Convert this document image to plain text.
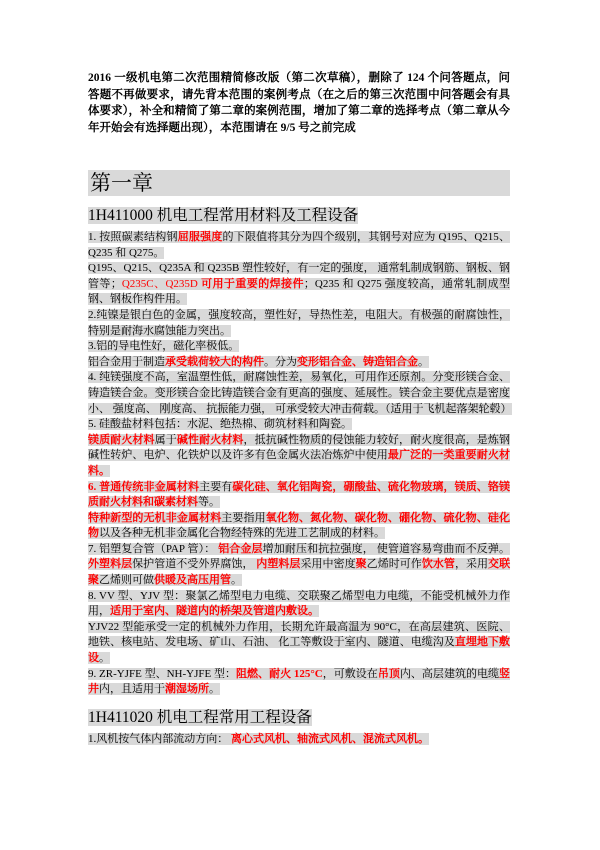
2016 一级机电第二次范围精简修改版（第二次草稿），删除了 124 个问答题点，问答题不再做要求，请先背本范围的案例考点（在之后的第三次范围中问答题会有具体要求），补全和精简了第二章的案例范围，增加了第二章的选择考点（第二章从今年开始会有选择题出现），本范围请在 9/5 号之前完成

第一章
1H411000 机电工程常用材料及工程设备

1. 按照碳素结构钢屈服强度的下限值将其分为四个级别，其钢号对应为 Q195、Q215、Q235 和 Q275。

Q195、Q215、Q235A 和 Q235B 塑性较好，有一定的强度， 通常轧制成钢筋、钢板、钢管等；Q235C、Q235D 可用于重要的焊接件；Q235 和 Q275 强度较高，通常轧制成型钢、钢板作构件用。

2.纯镍是银白色的金属，强度较高，塑性好，导热性差，电阻大。有极强的耐腐蚀性，特别是耐海水腐蚀能力突出。

3.铝的导电性好，磁化率极低。

铝合金用于制造承受载荷较大的构件。分为变形铝合金、铸造铝合金。

4. 纯镁强度不高，室温塑性低，耐腐蚀性差，易氧化，可用作还原剂。分变形镁合金、铸造镁合金。变形镁合金比铸造镁合金有更高的强度、延展性。镁合金主要优点是密度小、 强度高、 刚度高、 抗振能力强， 可承受较大冲击荷载。（适用于飞机起落架轮毂）

5. 硅酸盐材料包括：水泥、绝热棉、砌筑材料和陶瓷。

镁质耐火材料属于碱性耐火材料，抵抗碱性物质的侵蚀能力较好，耐火度很高，是炼钢碱性转炉、电炉、化铁炉以及许多有色金属火法冶炼炉中使用最广泛的一类重要耐火材料。

6. 普通传统非金属材料主要有碳化硅、氧化铝陶瓷，硼酸盐、硫化物玻璃，镁质、铬镁质耐火材料和碳素材料等。

特种新型的无机非金属材料主要指用氧化物、氮化物、碳化物、硼化物、硫化物、硅化物以及各种无机非金属化合物经特殊的先进工艺制成的材料。

7. 铝塑复合管（PAP 管）： 铝合金层增加耐压和抗拉强度， 使管道容易弯曲而不反弹。外塑料层保护管道不受外界腐蚀， 内塑料层采用中密度聚乙烯时可作饮水管，采用交联聚乙烯则可做供暖及高压用管。

8. VV 型、YJV 型：聚氯乙烯型电力电缆、交联聚乙烯型电力电缆，不能受机械外力作用，适用于室内、隧道内的桥架及管道内敷设。

YJV22 型能承受一定的机械外力作用，长期允许最高温为 90°C，在高层建筑、医院、地铁、核电站、发电场、矿山、石油、 化工等敷设于室内、隧道、电缆沟及直埋地下敷设。

9. ZR-YJFE 型、NH-YJFE 型：阻燃、耐火 125°C，可敷设在吊顶内、高层建筑的电缆竖井内，且适用于潮湿场所。

1H411020 机电工程常用工程设备

1.风机按气体内部流动方向： 离心式风机、轴流式风机、混流式风机。
